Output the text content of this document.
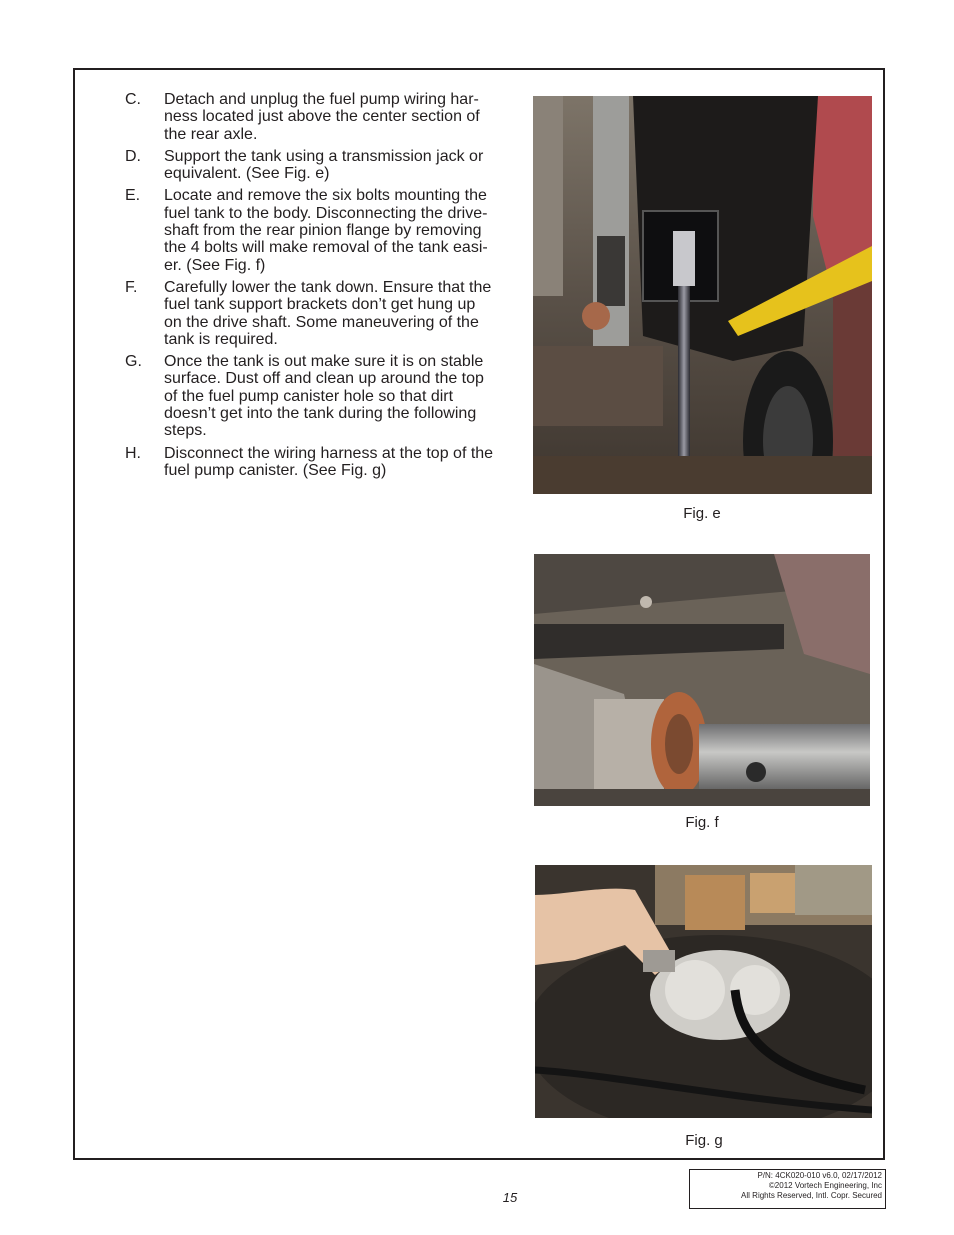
C. Detach and unplug the fuel pump wiring har-
ness located just above the center section of
the rear axle.
D. Support the tank using a transmission jack or
equivalent. (See Fig. e)
E. Locate and remove the six bolts mounting the
fuel tank to the body. Disconnecting the drive-
shaft from the rear pinion flange by removing
the 4 bolts will make removal of the tank easi-
er. (See Fig. f)
F. Carefully lower the tank down. Ensure that the
fuel tank support brackets don’t get hung up
on the drive shaft. Some maneuvering of the
tank is required.
G. Once the tank is out make sure it is on stable
surface. Dust off and clean up around the top
of the fuel pump canister hole so that dirt
doesn’t get into the tank during the following
steps.
H. Disconnect the wiring harness at the top of the
fuel pump canister. (See Fig. g)
Fig. e
Fig. f
Fig. g
15
P/N: 4CK020-010 v6.0, 02/17/2012
©2012 Vortech Engineering, Inc
All Rights Reserved, Intl. Copr. Secured
